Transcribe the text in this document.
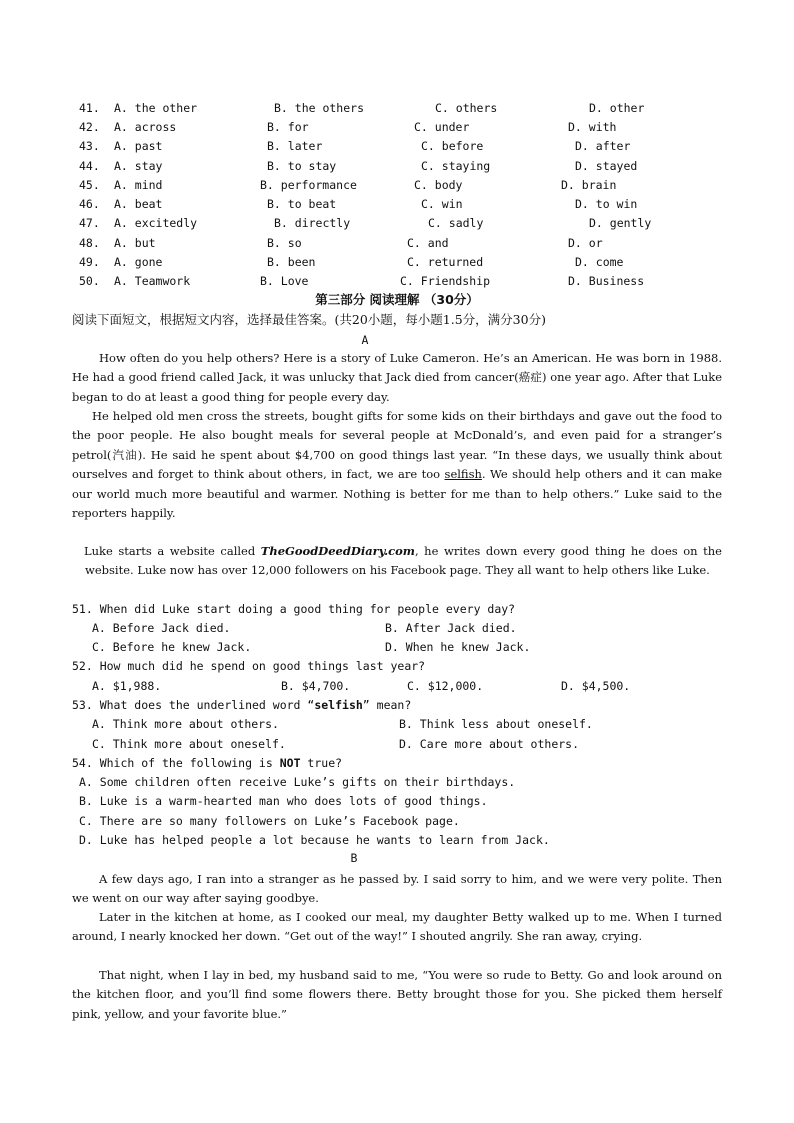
41. A. the other	B. the others	C. others	D. other
42. A. across	B. for	C. under	D. with
43. A. past	B. later	C. before	D. after
44. A. stay	B. to stay	C. staying	D. stayed
45. A. mind	B. performance	C. body	D. brain
46. A. beat	B. to beat	C. win	D. to win
47. A. excitedly	B. directly	C. sadly	D. gently
48. A. but	B. so	C. and	D. or
49. A. gone	B. been	C. returned	D. come
50. A. Teamwork	B. Love	C. Friendship	D. Business
第三部分 阅读理解 （30分）
阅读下面短文，根据短文内容，选择最佳答案。(共20小题，每小题1.5分，满分30分)
A
How often do you help others? Here is a story of Luke Cameron. He’s an American. He was born in 1988. He had a good friend called Jack, it was unlucky that Jack died from cancer(癌症) one year ago. After that Luke began to do at least a good thing for people every day.
He helped old men cross the streets, bought gifts for some kids on their birthdays and gave out the food to the poor people. He also bought meals for several people at McDonald’s, and even paid for a stranger’s petrol(汽油). He said he spent about $4,700 on good things last year. “In these days, we usually think about ourselves and forget to think about others, in fact, we are too selfish. We should help others and it can make our world much more beautiful and warmer. Nothing is better for me than to help others.” Luke said to the reporters happily.
Luke starts a website called TheGoodDeedDiary.com, he writes down every good thing he does on the website. Luke now has over 12,000 followers on his Facebook page. They all want to help others like Luke.
51. When did Luke start doing a good thing for people every day?
A. Before Jack died.	B. After Jack died.
C. Before he knew Jack.	D. When he knew Jack.
52. How much did he spend on good things last year?
A. $1,988.	B. $4,700.	C. $12,000.	D. $4,500.
53. What does the underlined word “selfish” mean?
A. Think more about others.	B. Think less about oneself.
C. Think more about oneself.	D. Care more about others.
54. Which of the following is NOT true?
A. Some children often receive Luke’s gifts on their birthdays.
B. Luke is a warm-hearted man who does lots of good things.
C. There are so many followers on Luke’s Facebook page.
D. Luke has helped people a lot because he wants to learn from Jack.
B
A few days ago, I ran into a stranger as he passed by. I said sorry to him, and we were very polite. Then we went on our way after saying goodbye.
Later in the kitchen at home, as I cooked our meal, my daughter Betty walked up to me. When I turned around, I nearly knocked her down. “Get out of the way!” I shouted angrily. She ran away, crying.
That night, when I lay in bed, my husband said to me, “You were so rude to Betty. Go and look around on the kitchen floor, and you’ll find some flowers there. Betty brought those for you. She picked them herself pink, yellow, and your favorite blue.”
